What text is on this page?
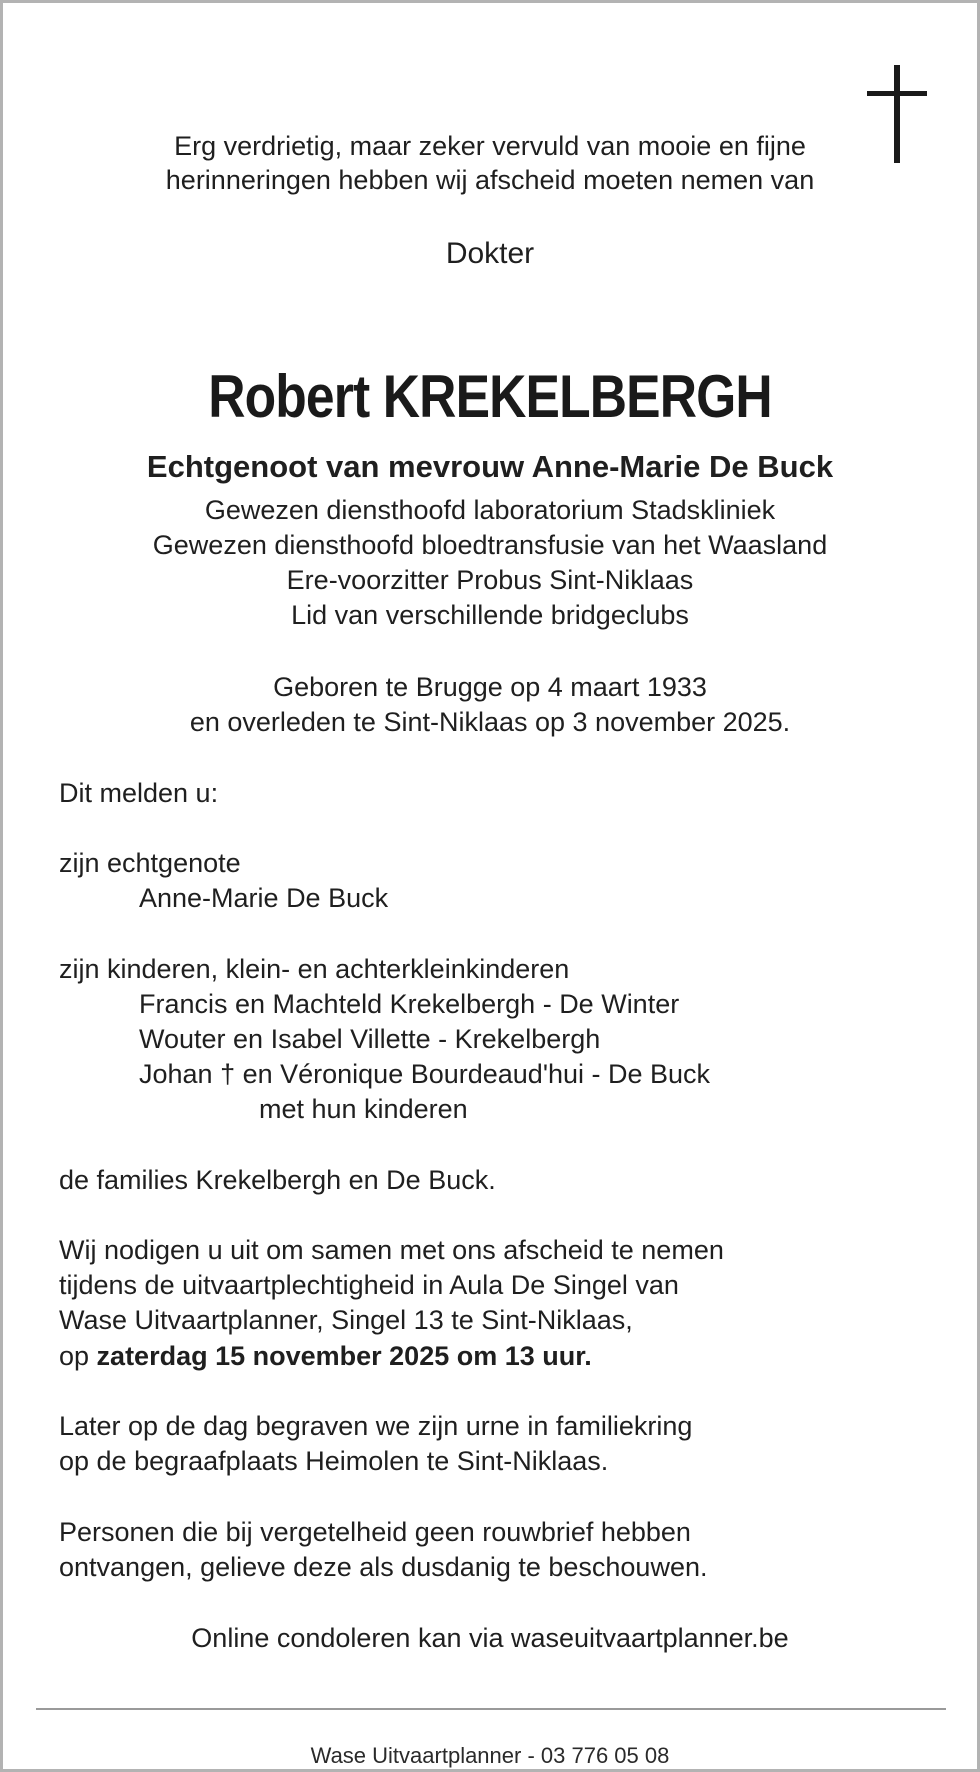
Erg verdrietig, maar zeker vervuld van mooie en fijne

herinneringen hebben wij afscheid moeten nemen van

Dokter

Robert KREKELBERGH

Echtgenoot van mevrouw Anne-Marie De Buck

Gewezen diensthoofd laboratorium Stadskliniek

Gewezen diensthoofd bloedtransfusie van het Waasland

Ere-voorzitter Probus Sint-Niklaas

Lid van verschillende bridgeclubs

Geboren te Brugge op 4 maart 1933

en overleden te Sint-Niklaas op 3 november 2025.

Dit melden u:

zijn echtgenote

Anne-Marie De Buck

zijn kinderen, klein- en achterkleinkinderen

Francis en Machteld Krekelbergh - De Winter

Wouter en Isabel Villette - Krekelbergh

Johan † en Véronique Bourdeaud'hui - De Buck

met hun kinderen

de families Krekelbergh en De Buck.

Wij nodigen u uit om samen met ons afscheid te nemen

tijdens de uitvaartplechtigheid in Aula De Singel van

Wase Uitvaartplanner, Singel 13 te Sint-Niklaas,

op zaterdag 15 november 2025 om 13 uur.

Later op de dag begraven we zijn urne in familiekring

op de begraafplaats Heimolen te Sint-Niklaas.

Personen die bij vergetelheid geen rouwbrief hebben

ontvangen, gelieve deze als dusdanig te beschouwen.

Online condoleren kan via waseuitvaartplanner.be

Wase Uitvaartplanner - 03 776 05 08
